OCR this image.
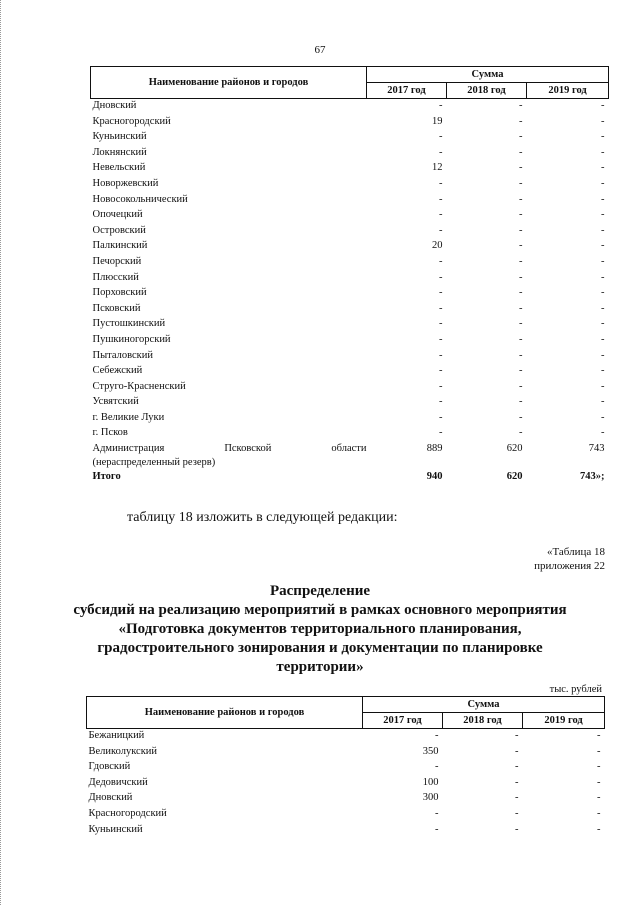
67
Наименование районов и городов	Сумма		
	2017 год	2018 год	2019 год
Дновский	-	-	-
Красногородский	19	-	-
Куньинский	-	-	-
Локнянский	-	-	-
Невельский	12	-	-
Новоржевский	-	-	-
Новосокольнический	-	-	-
Опочецкий	-	-	-
Островский	-	-	-
Палкинский	20	-	-
Печорский	-	-	-
Плюсский	-	-	-
Порховский	-	-	-
Псковский	-	-	-
Пустошкинский	-	-	-
Пушкиногорский	-	-	-
Пыталовский	-	-	-
Себежский	-	-	-
Струго-Красненский	-	-	-
Усвятский	-	-	-
г. Великие Луки	-	-	-
г. Псков	-	-	-

Администрация Псковской области
(нераспределенный резерв)	889	620	743
Итого	940	620	743»;
таблицу 18 изложить в следующей редакции:
«Таблица 18
приложения 22
Распределение
субсидий на реализацию мероприятий в рамках основного мероприятия
«Подготовка документов территориального планирования,
градостроительного зонирования и документации по планировке
территории»
тыс. рублей
Наименование районов и городов	Сумма		
	2017 год	2018 год	2019 год
Бежаницкий	-	-	-
Великолукский	350	-	-
Гдовский	-	-	-
Дедовичский	100	-	-
Дновский	300	-	-
Красногородский	-	-	-
Куньинский	-	-	-
